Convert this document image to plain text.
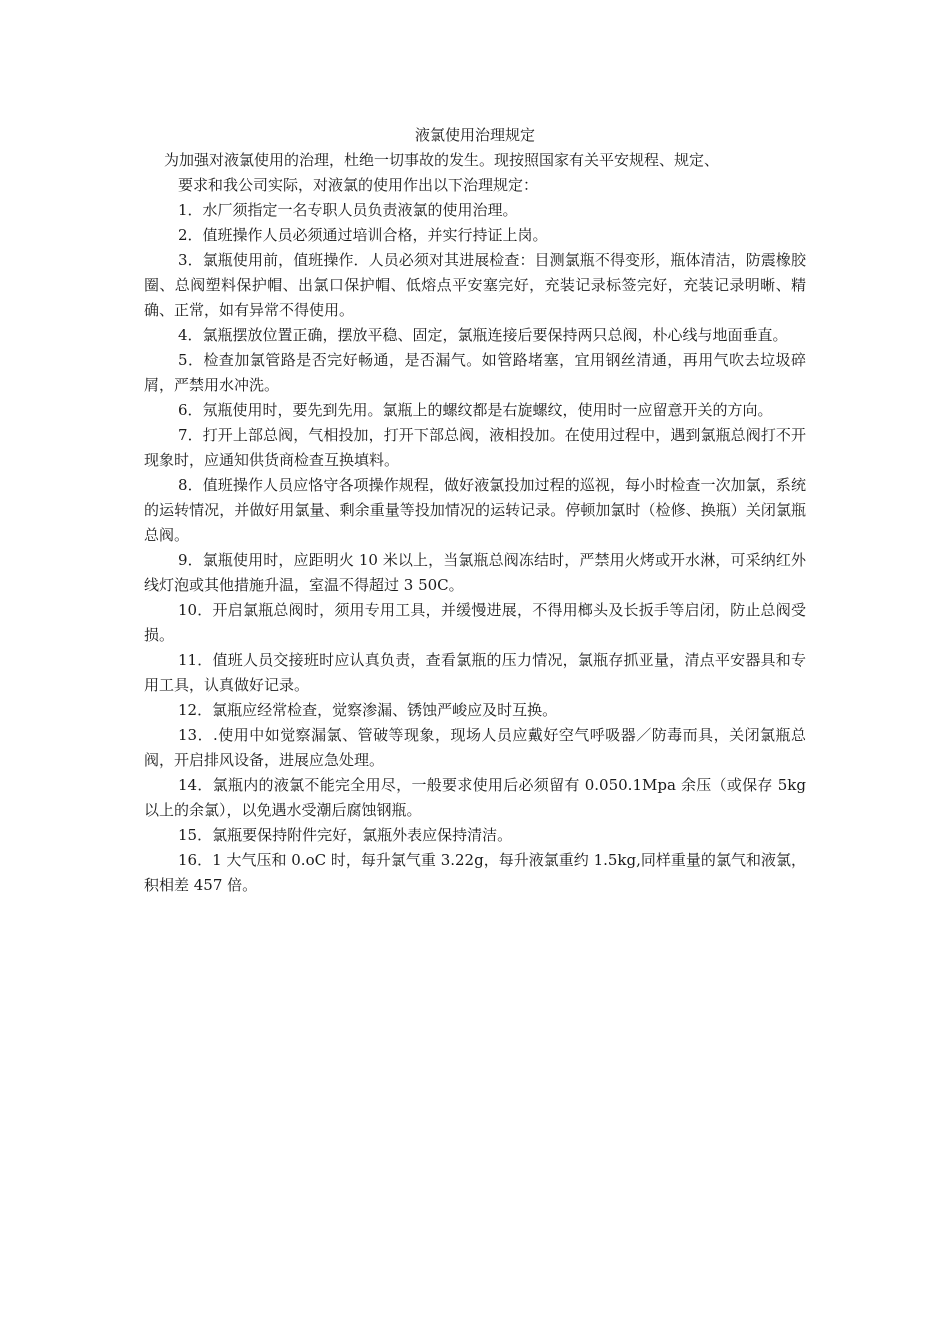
液氯使用治理规定

为加强对液氯使用的治理，杜绝一切事故的发生。现按照国家有关平安规程、规定、
要求和我公司实际，对液氯的使用作出以下治理规定：

1．水厂须指定一名专职人员负责液氯的使用治理。

2．值班操作人员必须通过培训合格，并实行持证上岗。

3．氯瓶使用前，值班操作．人员必须对其进展检查：目测氯瓶不得变形，瓶体清洁，防震橡胶圈、总阀塑料保护帽、出氯口保护帽、低熔点平安塞完好，充装记录标签完好，充装记录明晰、精确、正常，如有异常不得使用。

4．氯瓶摆放位置正确，摆放平稳、固定，氯瓶连接后要保持两只总阀，朴心线与地面垂直。

5．检查加氯管路是否完好畅通，是否漏气。如管路堵塞，宜用钢丝清通，再用气吹去垃圾碎屑，严禁用水冲洗。

6．氖瓶使用时，要先到先用。氯瓶上的螺纹都是右旋螺纹，使用时一应留意开关的方向。

7．打开上部总阀，气相投加，打开下部总阀，液相投加。在使用过程中，遇到氯瓶总阀打不开现象时，应通知供货商检查互换填料。

8．值班操作人员应恪守各项操作规程，做好液氯投加过程的巡视，每小时检查一次加氯，系统的运转情况，并做好用氯量、剩余重量等投加情况的运转记录。停顿加氯时（检修、换瓶）关闭氯瓶总阀。

9．氯瓶使用时，应距明火 10 米以上，当氯瓶总阀冻结时，严禁用火烤或开水淋，可采纳红外线灯泡或其他措施升温，室温不得超过 3 50C。

10．开启氯瓶总阀时，须用专用工具，并缓慢进展，不得用榔头及长扳手等启闭，防止总阀受损。

11．值班人员交接班时应认真负责，查看氯瓶的压力情况，氯瓶存抓亚量，清点平安器具和专用工具，认真做好记录。

12．氯瓶应经常检查，觉察渗漏、锈蚀严峻应及时互换。

13．.使用中如觉察漏氯、管破等现象，现场人员应戴好空气呼吸器／防毒而具，关闭氯瓶总阀，开启排风设备，进展应急处理。

14．氯瓶内的液氯不能完全用尽，一般要求使用后必须留有 0.050.1Mpa 余压（或保存 5kg 以上的余氯），以免遇水受潮后腐蚀钢瓶。

15．氯瓶要保持附件完好，氯瓶外表应保持清洁。

16．1 大气压和 0.oC 时，每升氯气重 3.22g，每升液氯重约 1.5kg,同样重量的氯气和液氯，积相差 457 倍。
